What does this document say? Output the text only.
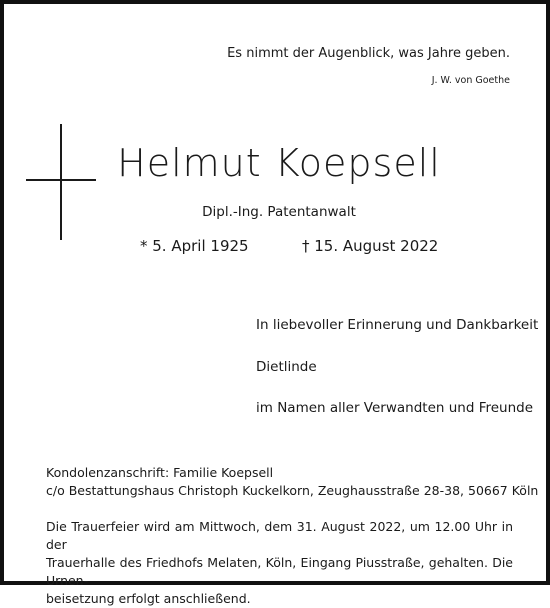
Es nimmt der Augenblick, was Jahre geben.
J. W. von Goethe
Helmut Koepsell
Dipl.-Ing. Patentanwalt
* 5. April 1925	† 15. August 2022
In liebevoller Erinnerung und Dankbarkeit
Dietlinde
im Namen aller Verwandten und Freunde
Kondolenzanschrift: Familie Koepsell
c/o Bestattungshaus Christoph Kuckelkorn, Zeughausstraße 28-38, 50667 Köln
Die Trauerfeier wird am Mittwoch, dem 31. August 2022, um 12.00 Uhr in der
Trauerhalle des Friedhofs Melaten, Köln, Eingang Piusstraße, gehalten. Die Urnen-
beisetzung erfolgt anschließend.
